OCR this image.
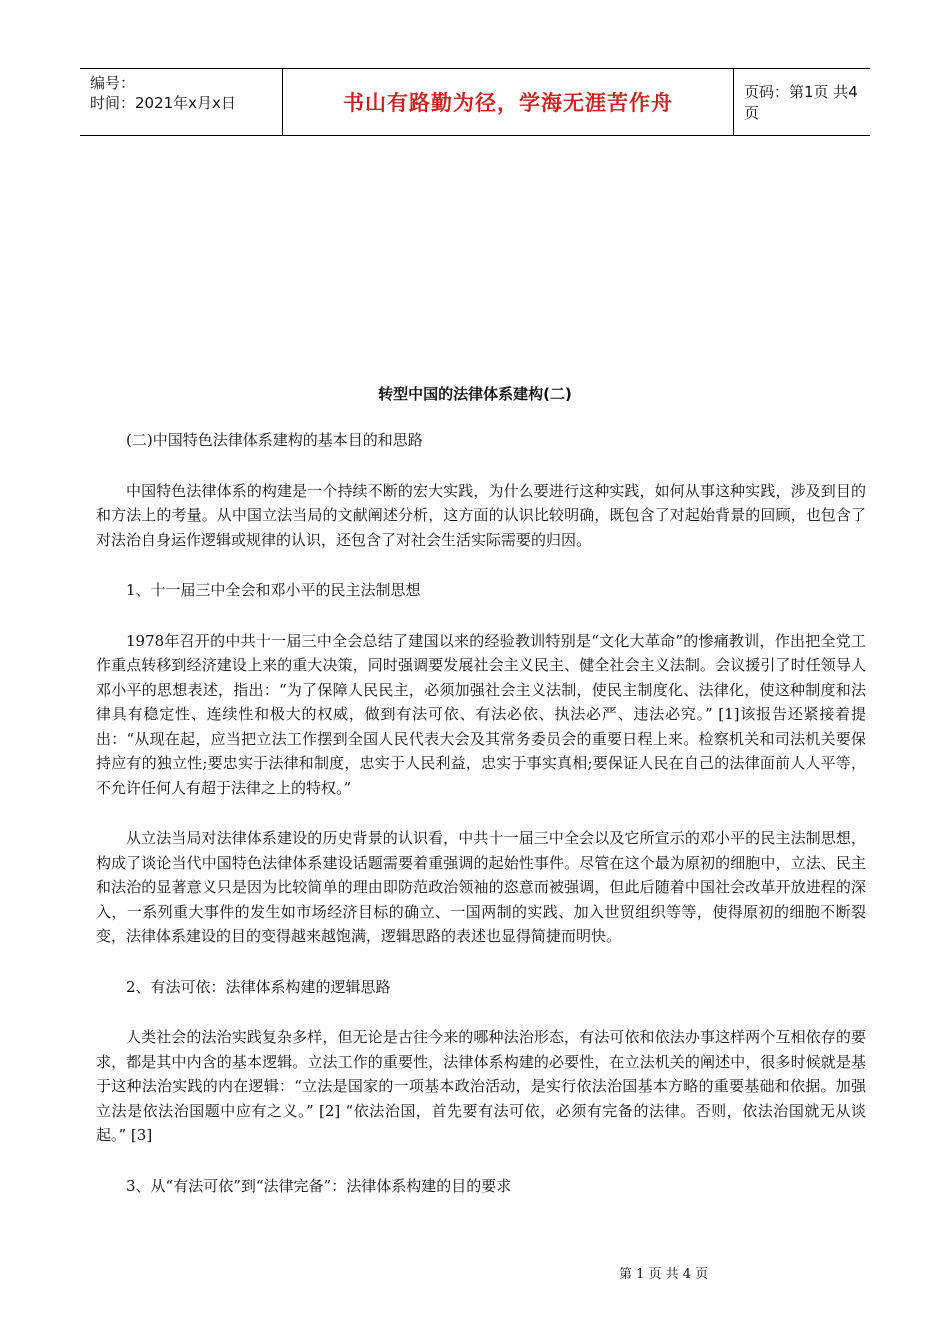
编号：
时间：2021年x月x日	书山有路勤为径，学海无涯苦作舟	页码：第1页 共4页
转型中国的法律体系建构(二)

(二)中国特色法律体系建构的基本目的和思路

中国特色法律体系的构建是一个持续不断的宏大实践，为什么要进行这种实践，如何从事这种实践，涉及到目的和方法上的考量。从中国立法当局的文献阐述分析，这方面的认识比较明确，既包含了对起始背景的回顾，也包含了对法治自身运作逻辑或规律的认识，还包含了对社会生活实际需要的归因。

1、十一届三中全会和邓小平的民主法制思想

1978年召开的中共十一届三中全会总结了建国以来的经验教训特别是“文化大革命”的惨痛教训，作出把全党工作重点转移到经济建设上来的重大决策，同时强调要发展社会主义民主、健全社会主义法制。会议援引了时任领导人邓小平的思想表述，指出：“为了保障人民民主，必须加强社会主义法制，使民主制度化、法律化，使这种制度和法律具有稳定性、连续性和极大的权威，做到有法可依、有法必依、执法必严、违法必究。” [1]该报告还紧接着提出：“从现在起，应当把立法工作摆到全国人民代表大会及其常务委员会的重要日程上来。检察机关和司法机关要保持应有的独立性;要忠实于法律和制度，忠实于人民利益，忠实于事实真相;要保证人民在自己的法律面前人人平等，不允许任何人有超于法律之上的特权。”

从立法当局对法律体系建设的历史背景的认识看，中共十一届三中全会以及它所宣示的邓小平的民主法制思想，构成了谈论当代中国特色法律体系建设话题需要着重强调的起始性事件。尽管在这个最为原初的细胞中，立法、民主和法治的显著意义只是因为比较简单的理由即防范政治领袖的恣意而被强调，但此后随着中国社会改革开放进程的深入，一系列重大事件的发生如市场经济目标的确立、一国两制的实践、加入世贸组织等等，使得原初的细胞不断裂变，法律体系建设的目的变得越来越饱满，逻辑思路的表述也显得简捷而明快。

2、有法可依：法律体系构建的逻辑思路

人类社会的法治实践复杂多样，但无论是古往今来的哪种法治形态，有法可依和依法办事这样两个互相依存的要求，都是其中内含的基本逻辑。立法工作的重要性，法律体系构建的必要性，在立法机关的阐述中，很多时候就是基于这种法治实践的内在逻辑：“立法是国家的一项基本政治活动，是实行依法治国基本方略的重要基础和依据。加强立法是依法治国题中应有之义。” [2] “依法治国，首先要有法可依，必须有完备的法律。否则，依法治国就无从谈起。” [3]

3、从“有法可依”到“法律完备”：法律体系构建的目的要求

第 1 页 共 4 页
